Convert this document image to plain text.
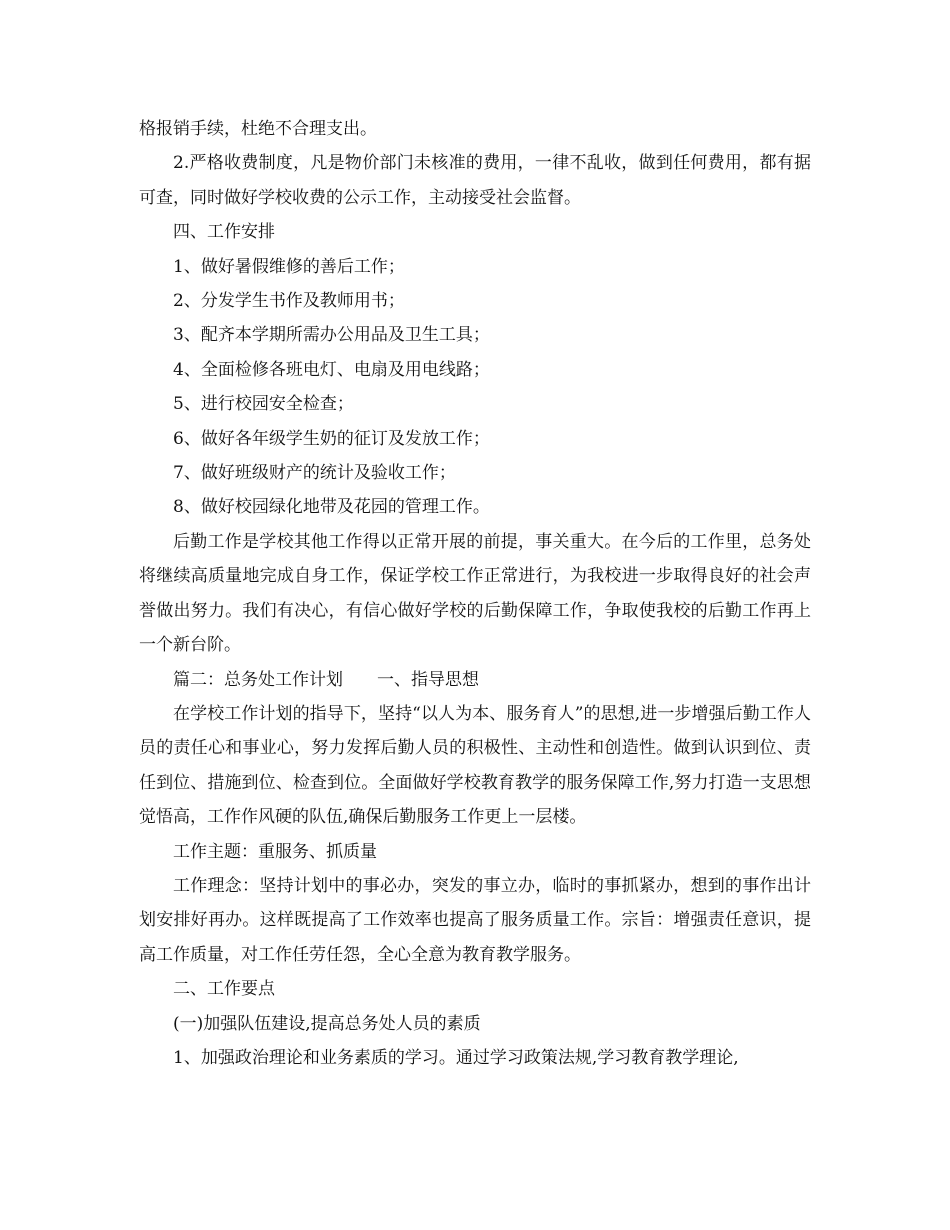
格报销手续，杜绝不合理支出。

2.严格收费制度，凡是物价部门未核准的费用，一律不乱收，做到任何费用，都有据可查，同时做好学校收费的公示工作，主动接受社会监督。

四、工作安排

1、做好暑假维修的善后工作；

2、分发学生书作及教师用书；

3、配齐本学期所需办公用品及卫生工具；

4、全面检修各班电灯、电扇及用电线路；

5、进行校园安全检查；

6、做好各年级学生奶的征订及发放工作；

7、做好班级财产的统计及验收工作；

8、做好校园绿化地带及花园的管理工作。

后勤工作是学校其他工作得以正常开展的前提，事关重大。在今后的工作里，总务处将继续高质量地完成自身工作，保证学校工作正常进行，为我校进一步取得良好的社会声誉做出努力。我们有决心，有信心做好学校的后勤保障工作，争取使我校的后勤工作再上一个新台阶。

篇二：总务处工作计划　　一、指导思想

在学校工作计划的指导下，坚持“以人为本、服务育人”的思想,进一步增强后勤工作人员的责任心和事业心，努力发挥后勤人员的积极性、主动性和创造性。做到认识到位、责任到位、措施到位、检查到位。全面做好学校教育教学的服务保障工作,努力打造一支思想觉悟高，工作作风硬的队伍,确保后勤服务工作更上一层楼。

工作主题：重服务、抓质量

工作理念：坚持计划中的事必办，突发的事立办，临时的事抓紧办，想到的事作出计划安排好再办。这样既提高了工作效率也提高了服务质量工作。宗旨：增强责任意识，提高工作质量，对工作任劳任怨，全心全意为教育教学服务。

二、工作要点

(一)加强队伍建设,提高总务处人员的素质

1、加强政治理论和业务素质的学习。通过学习政策法规,学习教育教学理论,
